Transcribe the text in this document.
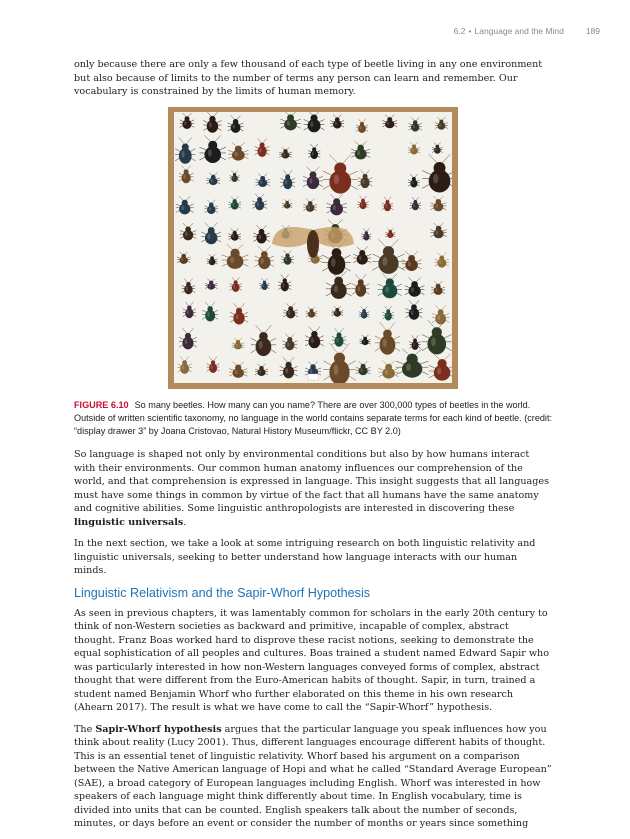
6.2 • Language and the Mind	189

only because there are only a few thousand of each type of beetle living in any one environment but also because of limits to the number of terms any person can learn and remember. Our vocabulary is constrained by the limits of human memory.

FIGURE 6.10 So many beetles. How many can you name? There are over 300,000 types of beetles in the world. Outside of written scientific taxonomy, no language in the world contains separate terms for each kind of beetle. (credit: “display drawer 3” by Joana Cristovao, Natural History Museum/flickr, CC BY 2.0)

So language is shaped not only by environmental conditions but also by how humans interact with their environments. Our common human anatomy influences our comprehension of the world, and that comprehension is expressed in language. This insight suggests that all languages must have some things in common by virtue of the fact that all humans have the same anatomy and cognitive abilities. Some linguistic anthropologists are interested in discovering these linguistic universals.

In the next section, we take a look at some intriguing research on both linguistic relativity and linguistic universals, seeking to better understand how language interacts with our human minds.

Linguistic Relativism and the Sapir-Whorf Hypothesis

As seen in previous chapters, it was lamentably common for scholars in the early 20th century to think of non-Western societies as backward and primitive, incapable of complex, abstract thought. Franz Boas worked hard to disprove these racist notions, seeking to demonstrate the equal sophistication of all peoples and cultures. Boas trained a student named Edward Sapir who was particularly interested in how non-Western languages conveyed forms of complex, abstract thought that were different from the Euro-American habits of thought. Sapir, in turn, trained a student named Benjamin Whorf who further elaborated on this theme in his own research (Ahearn 2017). The result is what we have come to call the “Sapir-Whorf” hypothesis.

The Sapir-Whorf hypothesis argues that the particular language you speak influences how you think about reality (Lucy 2001). Thus, different languages encourage different habits of thought. This is an essential tenet of linguistic relativity. Whorf based his argument on a comparison between the Native American language of Hopi and what he called “Standard Average European” (SAE), a broad category of European languages including English. Whorf was interested in how speakers of each language might think differently about time. In English vocabulary, time is divided into units that can be counted. English speakers talk about the number of seconds, minutes, or days before an event or consider the number of months or years since something
